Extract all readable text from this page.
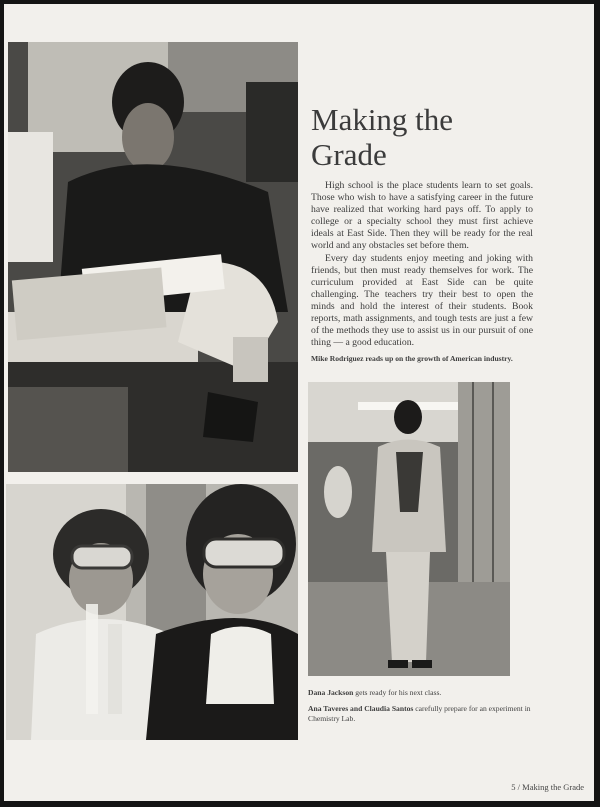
Making the
Grade

High school is the place students learn to set goals. Those who wish to have a satisfying career in the future have realized that working hard pays off. To apply to college or a specialty school they must first achieve ideals at East Side. Then they will be ready for the real world and any obstacles set before them.

Every day students enjoy meeting and joking with friends, but then must ready themselves for work. The curriculum provided at East Side can be quite challenging. The teachers try their best to open the minds and hold the interest of their students. Book reports, math assignments, and tough tests are just a few of the methods they use to assist us in our pursuit of one thing — a good education.

Mike Rodriguez reads up on the growth of American industry.
Dana Jackson gets ready for his next class.
Ana Taveres and Claudia Santos carefully prepare for an experiment in Chemistry Lab.
5 / Making the Grade
